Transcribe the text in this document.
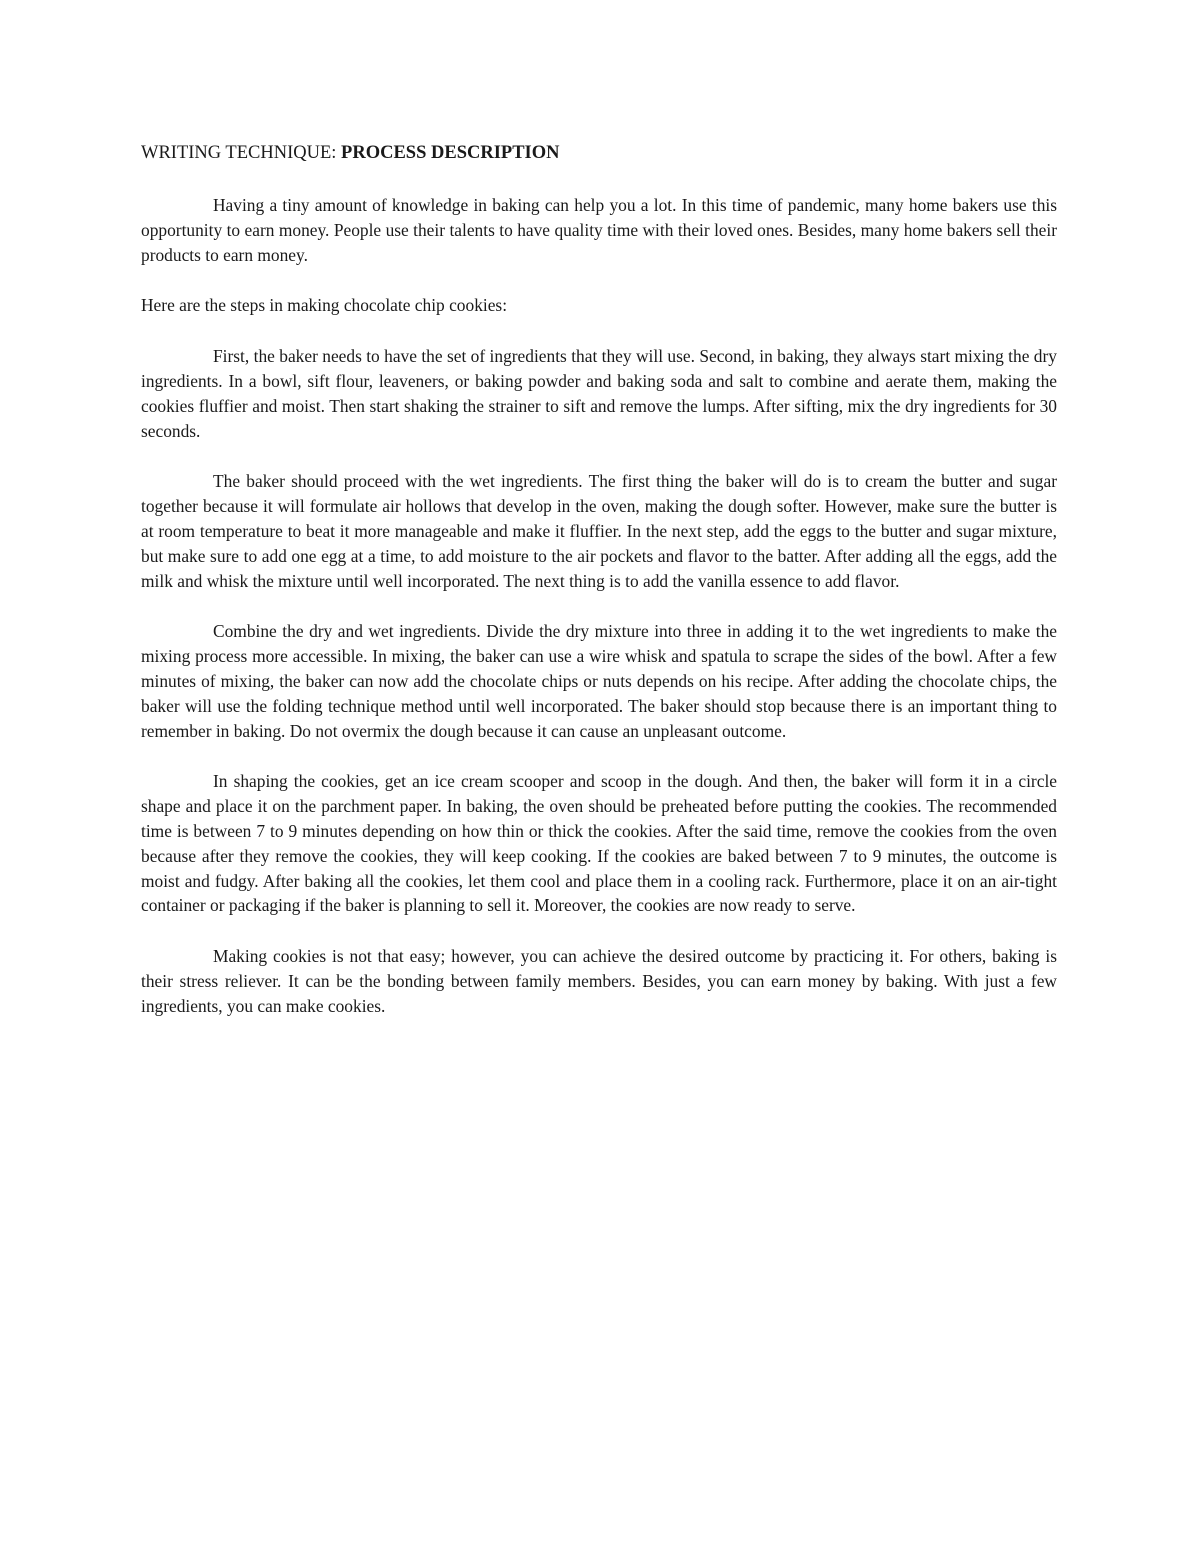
WRITING TECHNIQUE: PROCESS DESCRIPTION

Having a tiny amount of knowledge in baking can help you a lot. In this time of pandemic, many home bakers use this opportunity to earn money. People use their talents to have quality time with their loved ones. Besides, many home bakers sell their products to earn money.

Here are the steps in making chocolate chip cookies:

First, the baker needs to have the set of ingredients that they will use. Second, in baking, they always start mixing the dry ingredients. In a bowl, sift flour, leaveners, or baking powder and baking soda and salt to combine and aerate them, making the cookies fluffier and moist. Then start shaking the strainer to sift and remove the lumps. After sifting, mix the dry ingredients for 30 seconds.

The baker should proceed with the wet ingredients. The first thing the baker will do is to cream the butter and sugar together because it will formulate air hollows that develop in the oven, making the dough softer. However, make sure the butter is at room temperature to beat it more manageable and make it fluffier. In the next step, add the eggs to the butter and sugar mixture, but make sure to add one egg at a time, to add moisture to the air pockets and flavor to the batter. After adding all the eggs, add the milk and whisk the mixture until well incorporated. The next thing is to add the vanilla essence to add flavor.

Combine the dry and wet ingredients. Divide the dry mixture into three in adding it to the wet ingredients to make the mixing process more accessible. In mixing, the baker can use a wire whisk and spatula to scrape the sides of the bowl. After a few minutes of mixing, the baker can now add the chocolate chips or nuts depends on his recipe. After adding the chocolate chips, the baker will use the folding technique method until well incorporated. The baker should stop because there is an important thing to remember in baking. Do not overmix the dough because it can cause an unpleasant outcome.

In shaping the cookies, get an ice cream scooper and scoop in the dough. And then, the baker will form it in a circle shape and place it on the parchment paper. In baking, the oven should be preheated before putting the cookies. The recommended time is between 7 to 9 minutes depending on how thin or thick the cookies. After the said time, remove the cookies from the oven because after they remove the cookies, they will keep cooking. If the cookies are baked between 7 to 9 minutes, the outcome is moist and fudgy. After baking all the cookies, let them cool and place them in a cooling rack. Furthermore, place it on an air-tight container or packaging if the baker is planning to sell it. Moreover, the cookies are now ready to serve.

Making cookies is not that easy; however, you can achieve the desired outcome by practicing it. For others, baking is their stress reliever. It can be the bonding between family members. Besides, you can earn money by baking. With just a few ingredients, you can make cookies.
